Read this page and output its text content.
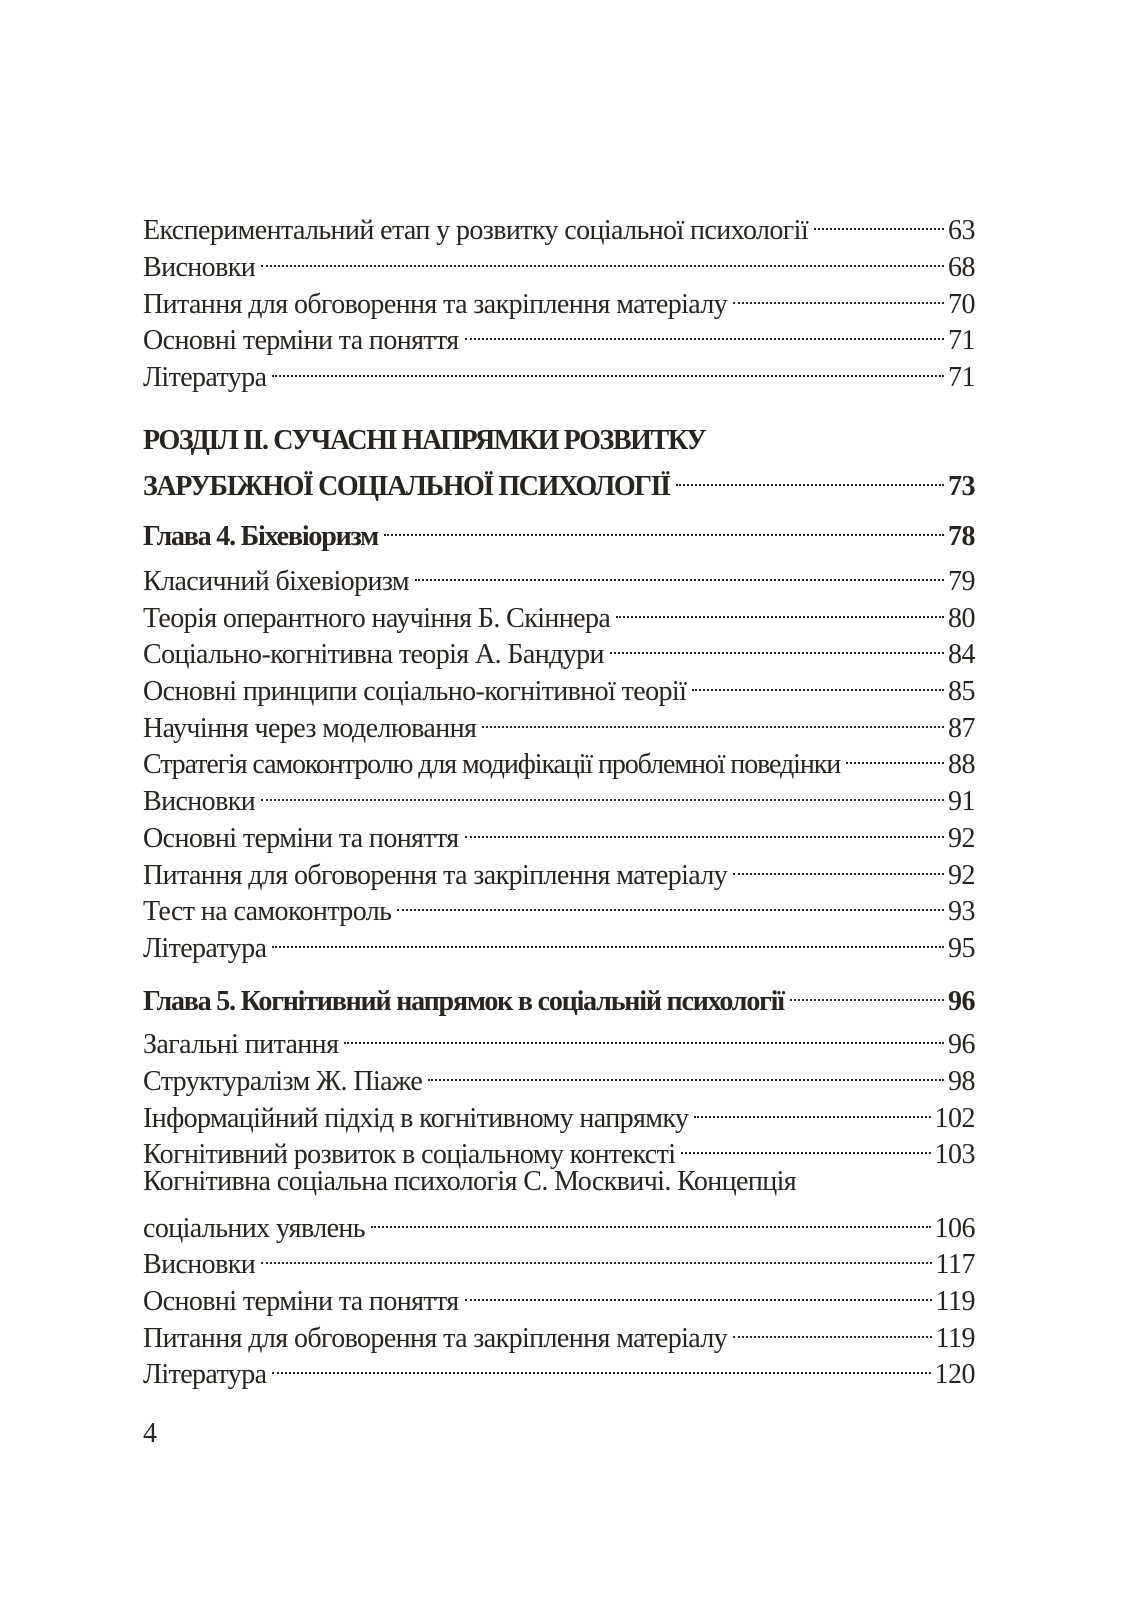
Експериментальний етап у розвитку соціальної психології	63
Висновки	68
Питання для обговорення та закріплення матеріалу	70
Основні терміни та поняття	71
Література	71
РОЗДІЛ ІІ. СУЧАСНІ НАПРЯМКИ РОЗВИТКУ
ЗАРУБІЖНОЇ СОЦІАЛЬНОЇ ПСИХОЛОГІЇ	73
Глава 4. Біхевіоризм	78
Класичний біхевіоризм	79
Теорія оперантного научіння Б. Скіннера	80
Соціально-когнітивна теорія А. Бандури	84
Основні принципи соціально-когнітивної теорії	85
Научіння через моделювання	87
Стратегія самоконтролю для модифікації проблемної поведінки	88
Висновки	91
Основні терміни та поняття	92
Питання для обговорення та закріплення матеріалу	92
Тест на самоконтроль	93
Література	95
Глава 5. Когнітивний напрямок в соціальній психології	96
Загальні питання	96
Структуралізм Ж. Піаже	98
Інформаційний підхід в когнітивному напрямку	102
Когнітивний розвиток в соціальному контексті	103
Когнітивна соціальна психологія С. Москвичі. Концепція
соціальних уявлень	106
Висновки	117
Основні терміни та поняття	119
Питання для обговорення та закріплення матеріалу	119
Література	120
4
